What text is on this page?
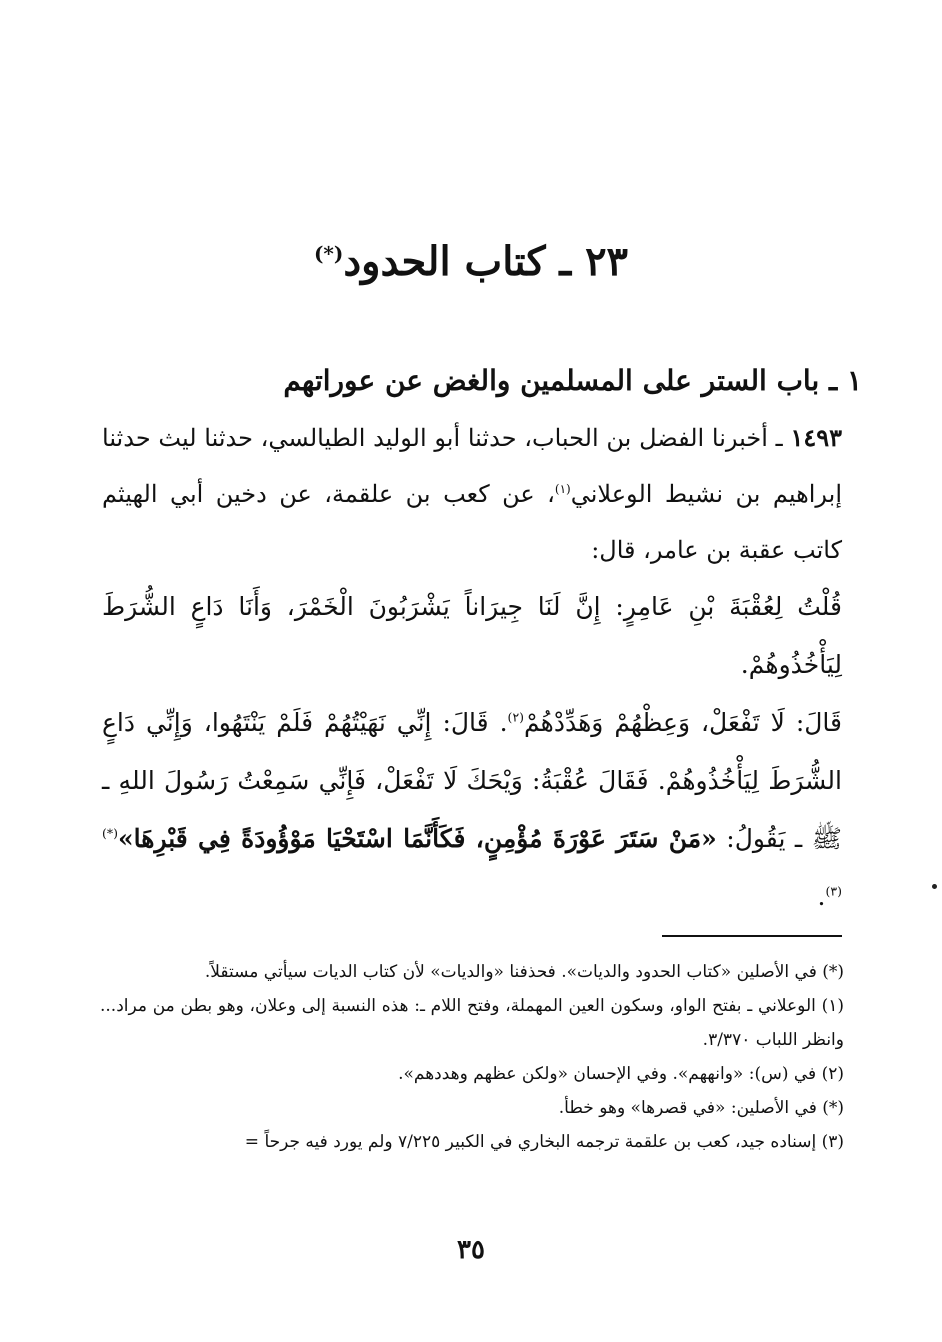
٢٣ ـ كتاب الحدود(*)
١ ـ باب الستر على المسلمين والغض عن عوراتهم

١٤٩٣ ـ أخبرنا الفضل بن الحباب، حدثنا أبو الوليد الطيالسي، حدثنا ليث حدثنا إبراهيم بن نشيط الوعلاني$^{(١)}$، عن كعب بن علقمة، عن دخين أبي الهيثم كاتب عقبة بن عامر، قال:

قُلْتُ لِعُقْبَةَ بْنِ عَامِرٍ: إِنَّ لَنَا جِيرَاناً يَشْرَبُونَ الْخَمْرَ، وَأَنَا دَاعٍ الشُّرَطَ لِيَأْخُذُوهُمْ.

قَالَ: لَا تَفْعَلْ، وَعِظْهُمْ وَهَدِّدْهُمْ$^{(٢)}$. قَالَ: إِنِّي نَهَيْتُهُمْ فَلَمْ يَنْتَهُوا، وَإِنِّي دَاعٍ الشُّرَطَ لِيَأْخُذُوهُمْ. فَقَالَ عُقْبَةُ: وَيْحَكَ لَا تَفْعَلْ، فَإِنِّي سَمِعْتُ رَسُولَ اللهِ ـ ﷺ ـ يَقُولُ: «مَنْ سَتَرَ عَوْرَةَ مُؤْمِنٍ، فَكَأَنَّمَا اسْتَحْيَا مَوْؤُودَةً فِي قَبْرِهَا»$^{(*)(٣)}$.

(*) في الأصلين «كتاب الحدود والديات». فحذفنا «والديات» لأن كتاب الديات سيأتي مستقلاً.
(١) الوعلاني ـ بفتح الواو، وسكون العين المهملة، وفتح اللام ـ: هذه النسبة إلى وعلان، وهو بطن من مراد... وانظر اللباب ٣/٣٧٠.
(٢) في (س): «وانههم». وفي الإحسان «ولكن عظهم وهددهم».
(*) في الأصلين: «في قصرها» وهو خطأ.
(٣) إسناده جيد، كعب بن علقمة ترجمه البخاري في الكبير ٧/٢٢٥ ولم يورد فيه جرحاً =
٣٥
